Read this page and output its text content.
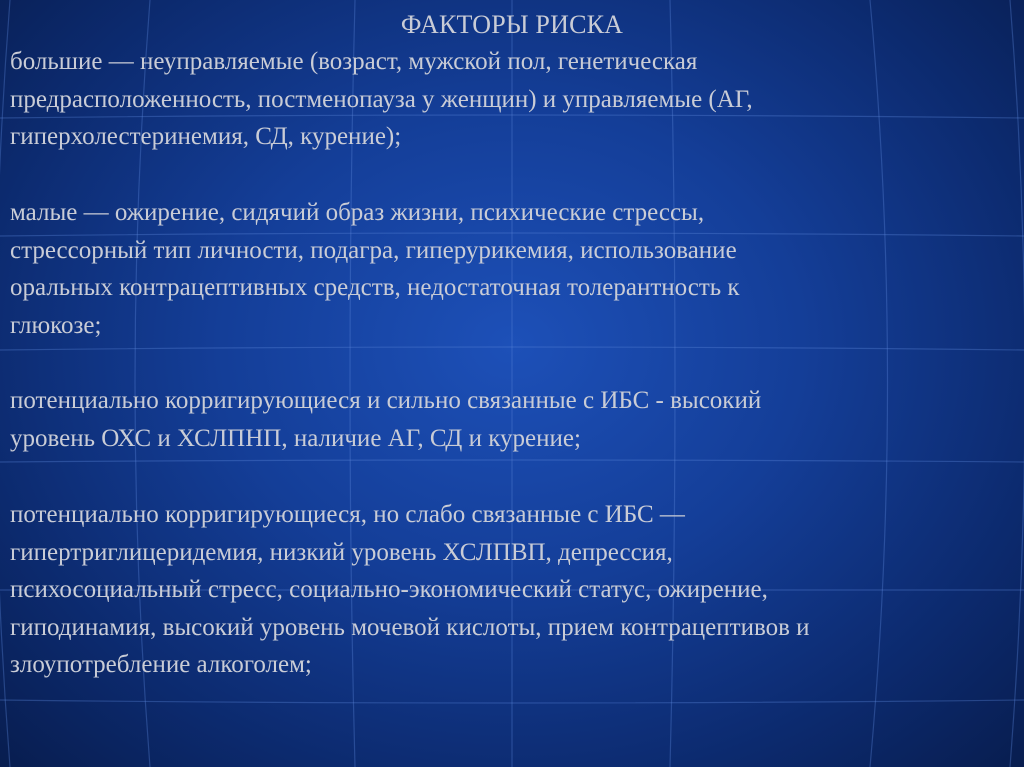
ФАКТОРЫ РИСКА

большие — неуправляемые (возраст, мужской пол, генетическая
предрасположенность, постменопауза у женщин) и управляемые (АГ,
гиперхолестеринемия, СД, курение);

малые — ожирение, сидячий образ жизни, психические стрессы,
стрессорный тип личности, подагра, гиперурикемия, использование
оральных контрацептивных средств, недостаточная толерантность к
глюкозе;

потенциально корригирующиеся и сильно связанные с ИБС - высокий
уровень ОХС и ХСЛПНП, наличие АГ, СД и курение;

потенциально корригирующиеся, но слабо связанные с ИБС —
гипертриглицеридемия, низкий уровень ХСЛПВП, депрессия,
психосоциальный стресс, социально-экономический статус, ожирение,
гиподинамия, высокий уровень мочевой кислоты, прием контрацептивов и
злоупотребление алкоголем;
